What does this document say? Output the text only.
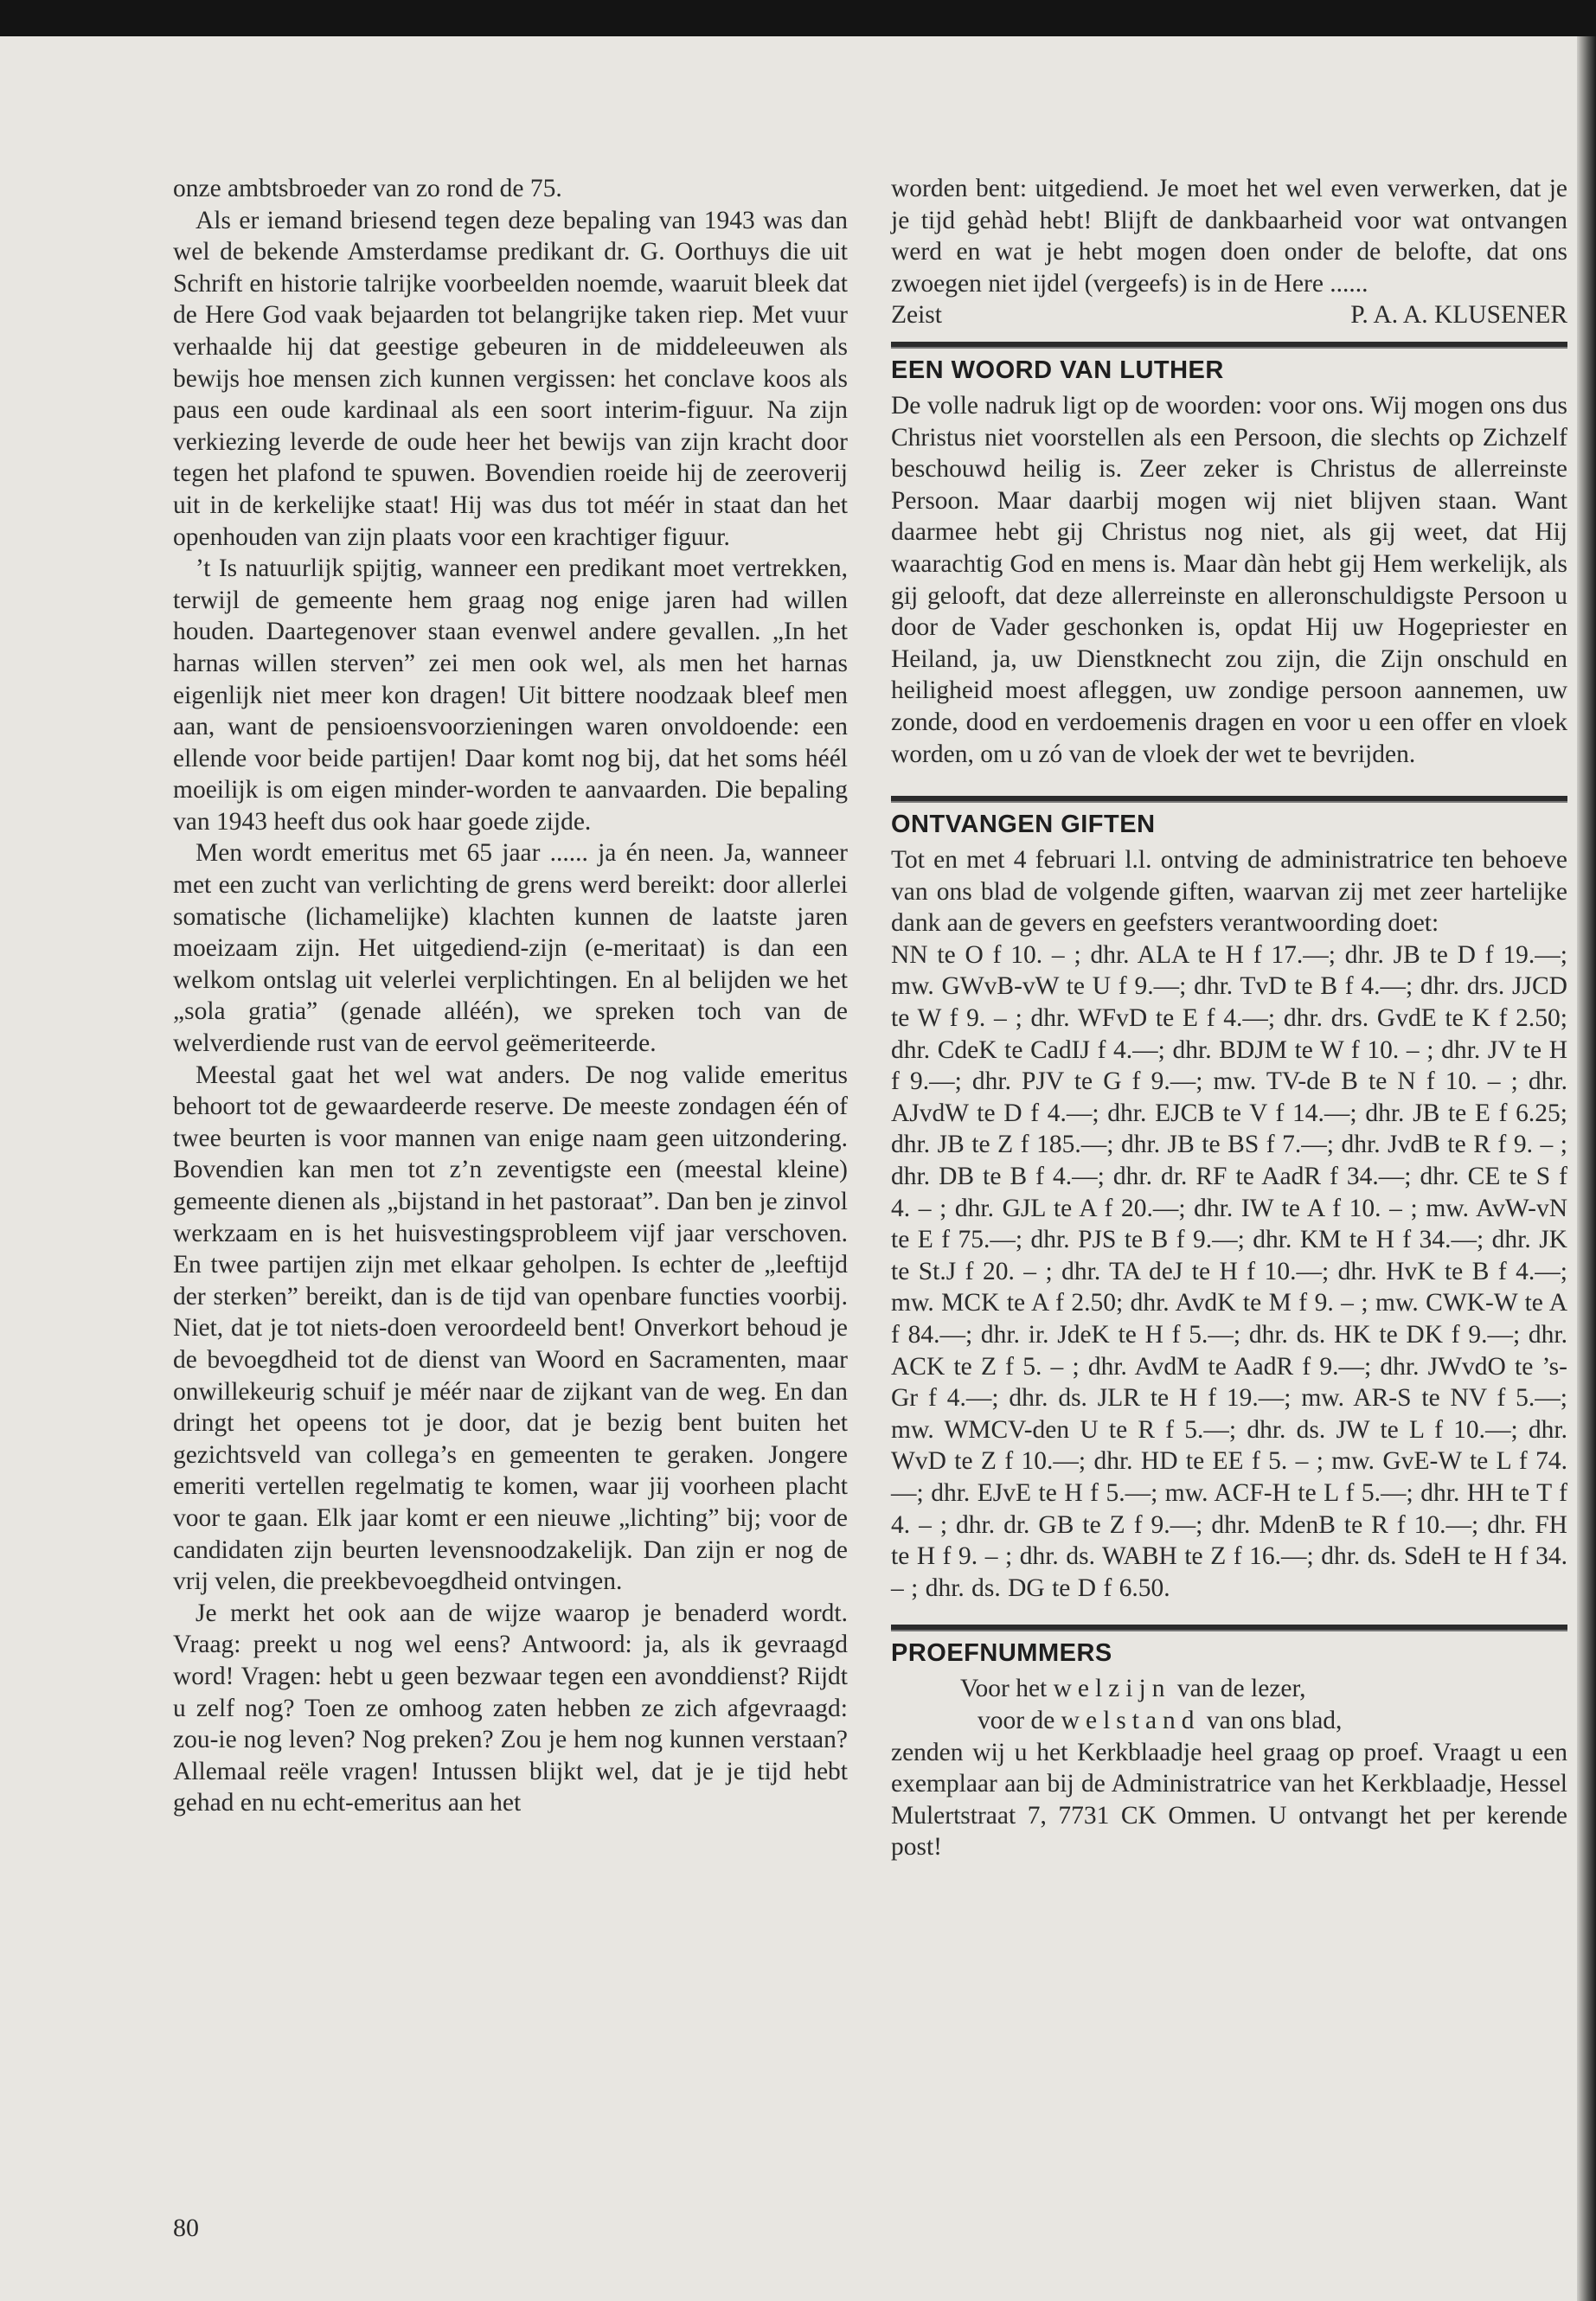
onze ambtsbroeder van zo rond de 75.

Als er iemand briesend tegen deze bepaling van 1943 was dan wel de bekende Amsterdamse predikant dr. G. Oorthuys die uit Schrift en historie talrijke voorbeelden noemde, waaruit bleek dat de Here God vaak bejaarden tot belangrijke taken riep. Met vuur verhaalde hij dat geestige gebeuren in de middeleeuwen als bewijs hoe mensen zich kunnen vergissen: het conclave koos als paus een oude kardinaal als een soort interim-figuur. Na zijn verkiezing leverde de oude heer het bewijs van zijn kracht door tegen het plafond te spuwen. Bovendien roeide hij de zeeroverij uit in de kerkelijke staat! Hij was dus tot méér in staat dan het openhouden van zijn plaats voor een krachtiger figuur.

’t Is natuurlijk spijtig, wanneer een predikant moet vertrekken, terwijl de gemeente hem graag nog enige jaren had willen houden. Daartegenover staan evenwel andere gevallen. „In het harnas willen sterven” zei men ook wel, als men het harnas eigenlijk niet meer kon dragen! Uit bittere noodzaak bleef men aan, want de pensioensvoorzieningen waren onvoldoende: een ellende voor beide partijen! Daar komt nog bij, dat het soms héél moeilijk is om eigen minder-worden te aanvaarden. Die bepaling van 1943 heeft dus ook haar goede zijde.

Men wordt emeritus met 65 jaar ...... ja én neen. Ja, wanneer met een zucht van verlichting de grens werd bereikt: door allerlei somatische (lichamelijke) klachten kunnen de laatste jaren moeizaam zijn. Het uitgediend-zijn (e-meritaat) is dan een welkom ontslag uit velerlei verplichtingen. En al belijden we het „sola gratia” (genade alléén), we spreken toch van de welverdiende rust van de eervol geëmeriteerde.

Meestal gaat het wel wat anders. De nog valide emeritus behoort tot de gewaardeerde reserve. De meeste zondagen één of twee beurten is voor mannen van enige naam geen uitzondering. Bovendien kan men tot z’n zeventigste een (meestal kleine) gemeente dienen als „bijstand in het pastoraat”. Dan ben je zinvol werkzaam en is het huisvestingsprobleem vijf jaar verschoven. En twee partijen zijn met elkaar geholpen. Is echter de „leeftijd der sterken” bereikt, dan is de tijd van openbare functies voorbij. Niet, dat je tot niets-doen veroordeeld bent! Onverkort behoud je de bevoegdheid tot de dienst van Woord en Sacramenten, maar onwillekeurig schuif je méér naar de zijkant van de weg. En dan dringt het opeens tot je door, dat je bezig bent buiten het gezichtsveld van collega’s en gemeenten te geraken. Jongere emeriti vertellen regelmatig te komen, waar jij voorheen placht voor te gaan. Elk jaar komt er een nieuwe „lichting” bij; voor de candidaten zijn beurten levensnoodzakelijk. Dan zijn er nog de vrij velen, die preekbevoegdheid ontvingen.

Je merkt het ook aan de wijze waarop je benaderd wordt. Vraag: preekt u nog wel eens? Antwoord: ja, als ik gevraagd word! Vragen: hebt u geen bezwaar tegen een avonddienst? Rijdt u zelf nog? Toen ze omhoog zaten hebben ze zich afgevraagd: zou-ie nog leven? Nog preken? Zou je hem nog kunnen verstaan? Allemaal reële vragen! Intussen blijkt wel, dat je je tijd hebt gehad en nu echt-emeritus aan het

80

worden bent: uitgediend. Je moet het wel even verwerken, dat je je tijd gehàd hebt! Blijft de dankbaarheid voor wat ontvangen werd en wat je hebt mogen doen onder de belofte, dat ons zwoegen niet ijdel (vergeefs) is in de Here ......

Zeist	P. A. A. KLUSENER
EEN WOORD VAN LUTHER

De volle nadruk ligt op de woorden: voor ons. Wij mogen ons dus Christus niet voorstellen als een Persoon, die slechts op Zichzelf beschouwd heilig is. Zeer zeker is Christus de allerreinste Persoon. Maar daarbij mogen wij niet blijven staan. Want daarmee hebt gij Christus nog niet, als gij weet, dat Hij waarachtig God en mens is. Maar dàn hebt gij Hem werkelijk, als gij gelooft, dat deze allerreinste en alleronschuldigste Persoon u door de Vader geschonken is, opdat Hij uw Hogepriester en Heiland, ja, uw Dienstknecht zou zijn, die Zijn onschuld en heiligheid moest afleggen, uw zondige persoon aannemen, uw zonde, dood en verdoemenis dragen en voor u een offer en vloek worden, om u zó van de vloek der wet te bevrijden.

ONTVANGEN GIFTEN

Tot en met 4 februari l.l. ontving de administratrice ten behoeve van ons blad de volgende giften, waarvan zij met zeer hartelijke dank aan de gevers en geefsters verantwoording doet:

NN te O f 10. – ; dhr. ALA te H f 17.—; dhr. JB te D f 19.—; mw. GWvB-vW te U f 9.—; dhr. TvD te B f 4.—; dhr. drs. JJCD te W f 9. – ; dhr. WFvD te E f 4.—; dhr. drs. GvdE te K f 2.50; dhr. CdeK te CadIJ f 4.—; dhr. BDJM te W f 10. – ; dhr. JV te H f 9.—; dhr. PJV te G f 9.—; mw. TV-de B te N f 10. – ; dhr. AJvdW te D f 4.—; dhr. EJCB te V f 14.—; dhr. JB te E f 6.25; dhr. JB te Z f 185.—; dhr. JB te BS f 7.—; dhr. JvdB te R f 9. – ; dhr. DB te B f 4.—; dhr. dr. RF te AadR f 34.—; dhr. CE te S f 4. – ; dhr. GJL te A f 20.—; dhr. IW te A f 10. – ; mw. AvW-vN te E f 75.—; dhr. PJS te B f 9.—; dhr. KM te H f 34.—; dhr. JK te St.J f 20. – ; dhr. TA deJ te H f 10.—; dhr. HvK te B f 4.—; mw. MCK te A f 2.50; dhr. AvdK te M f 9. – ; mw. CWK-W te A f 84.—; dhr. ir. JdeK te H f 5.—; dhr. ds. HK te DK f 9.—; dhr. ACK te Z f 5. – ; dhr. AvdM te AadR f 9.—; dhr. JWvdO te ’s-Gr f 4.—; dhr. ds. JLR te H f 19.—; mw. AR-S te NV f 5.—; mw. WMCV-den U te R f 5.—; dhr. ds. JW te L f 10.—; dhr. WvD te Z f 10.—; dhr. HD te EE f 5. – ; mw. GvE-W te L f 74.—; dhr. EJvE te H f 5.—; mw. ACF-H te L f 5.—; dhr. HH te T f 4. – ; dhr. dr. GB te Z f 9.—; dhr. MdenB te R f 10.—; dhr. FH te H f 9. – ; dhr. ds. WABH te Z f 16.—; dhr. ds. SdeH te H f 34. – ; dhr. ds. DG te D f 6.50.

PROEFNUMMERS

Voor het welzijn van de lezer,

voor de welstand van ons blad,

zenden wij u het Kerkblaadje heel graag op proef. Vraagt u een exemplaar aan bij de Administratrice van het Kerkblaadje, Hessel Mulertstraat 7, 7731 CK Ommen. U ontvangt het per kerende post!
